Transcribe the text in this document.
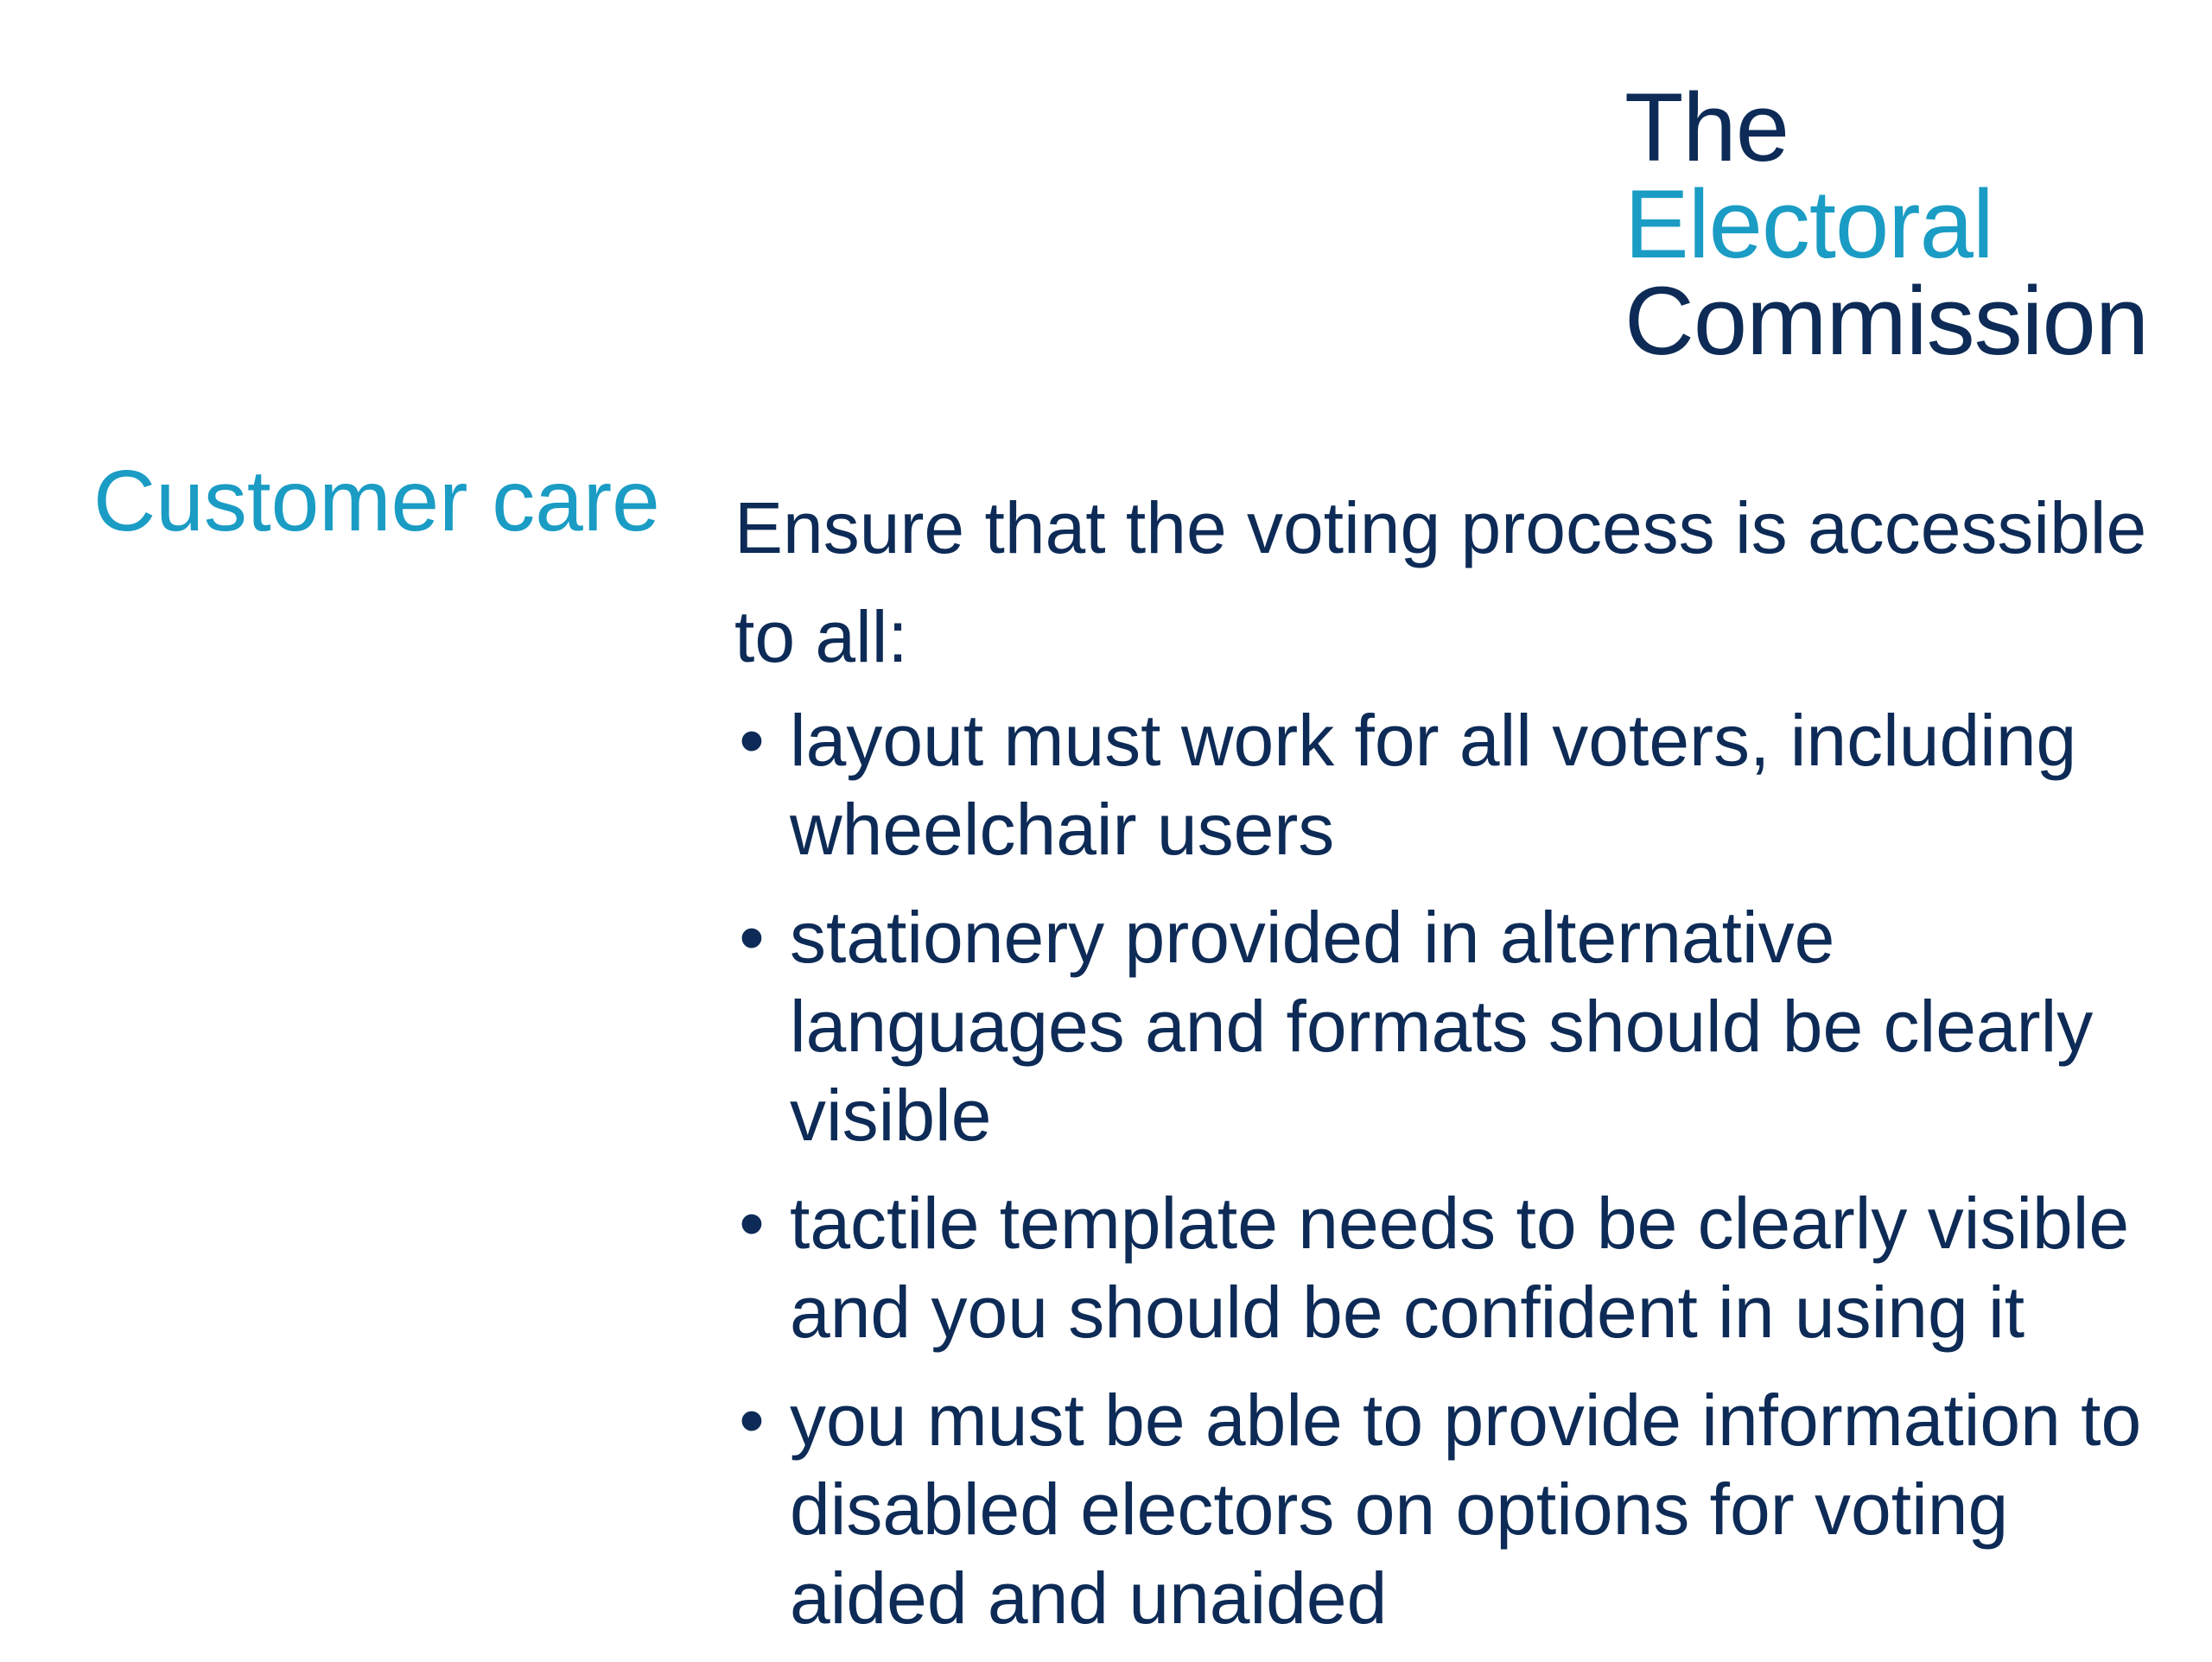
The
Electoral
Commission
Customer care Ensure that the voting process is accessible to all:

• layout must work for all voters, including wheelchair users
• stationery provided in alternative languages and formats should be clearly visible
• tactile template needs to be clearly visible and you should be confident in using it
• you must be able to provide information to disabled electors on options for voting aided and unaided
